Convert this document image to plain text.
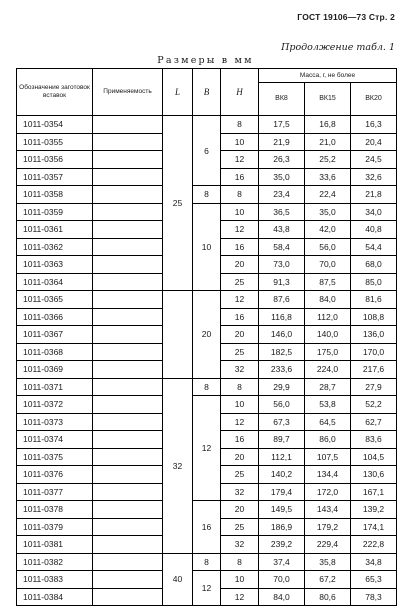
ГОСТ 19106—73 Стр. 2
Продолжение табл. 1
Размеры в мм
Обозначение заготовок вставок	Применяемость	L	B	H	Масса, г, не более		
					ВК8	ВК15	ВК20
1011-0354		25	6	8	17,5	16,8	16,3
1011-0355				10	21,9	21,0	20,4
1011-0356				12	26,3	25,2	24,5
1011-0357				16	35,0	33,6	32,6
1011-0358			8	8	23,4	22,4	21,8
1011-0359			10	10	36,5	35,0	34,0
1011-0361				12	43,8	42,0	40,8
1011-0362				16	58,4	56,0	54,4
1011-0363				20	73,0	70,0	68,0
1011-0364				25	91,3	87,5	85,0
1011-0365			20	12	87,6	84,0	81,6
1011-0366				16	116,8	112,0	108,8
1011-0367				20	146,0	140,0	136,0
1011-0368				25	182,5	175,0	170,0
1011-0369				32	233,6	224,0	217,6
1011-0371		32	8	8	29,9	28,7	27,9
1011-0372			12	10	56,0	53,8	52,2
1011-0373				12	67,3	64,5	62,7
1011-0374				16	89,7	86,0	83,6
1011-0375				20	112,1	107,5	104,5
1011-0376				25	140,2	134,4	130,6
1011-0377				32	179,4	172,0	167,1
1011-0378			16	20	149,5	143,4	139,2
1011-0379				25	186,9	179,2	174,1
1011-0381				32	239,2	229,4	222,8
1011-0382		40	8	8	37,4	35,8	34,8
1011-0383			12	10	70,0	67,2	65,3
1011-0384				12	84,0	80,6	78,3
